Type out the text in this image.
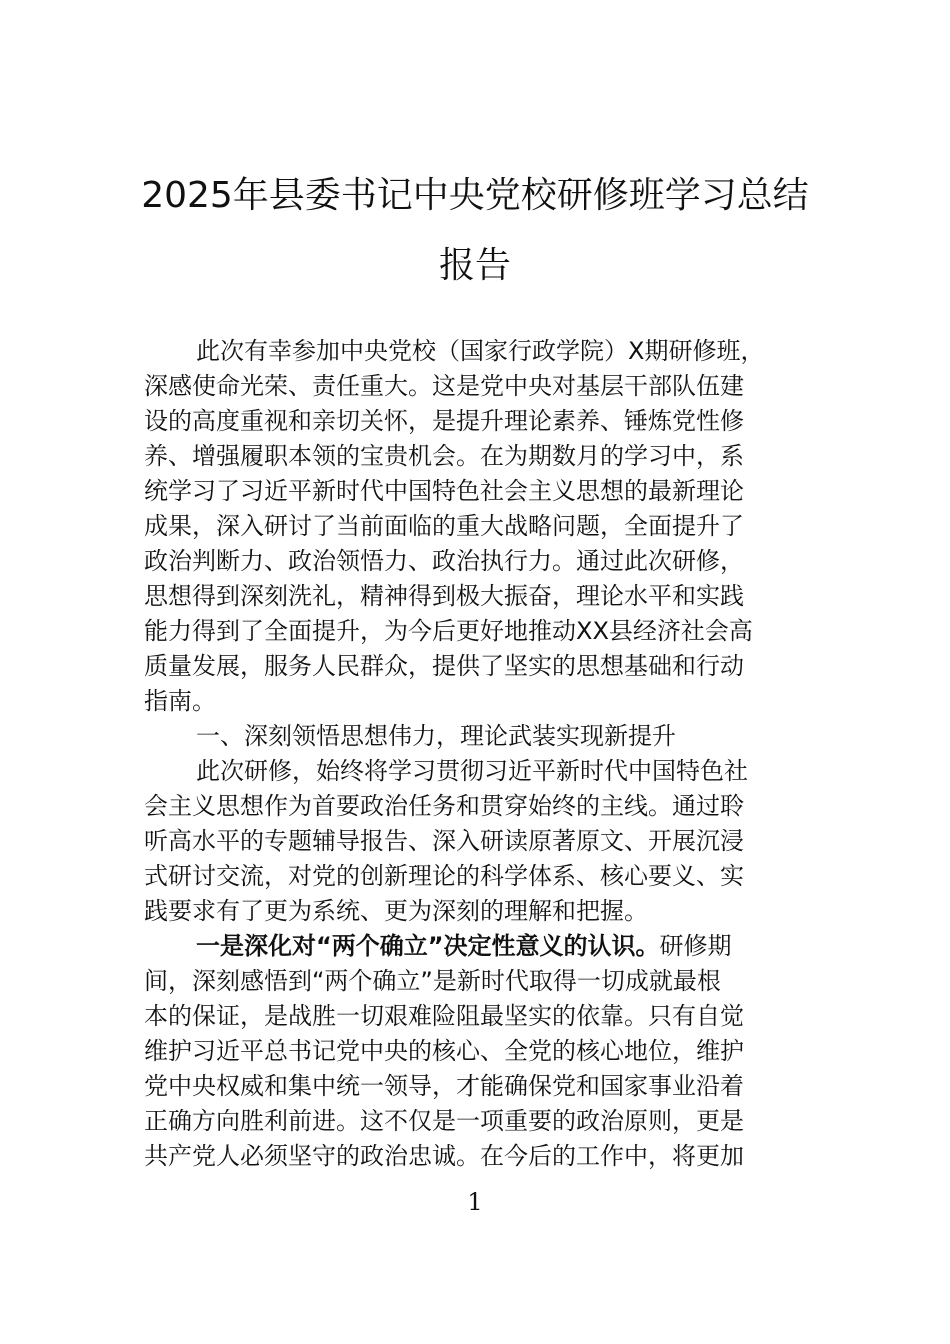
2025年县委书记中央党校研修班学习总结
报告
此次有幸参加中央党校（国家行政学院）X期研修班，
深感使命光荣、责任重大。这是党中央对基层干部队伍建
设的高度重视和亲切关怀，是提升理论素养、锤炼党性修
养、增强履职本领的宝贵机会。在为期数月的学习中，系
统学习了习近平新时代中国特色社会主义思想的最新理论
成果，深入研讨了当前面临的重大战略问题，全面提升了
政治判断力、政治领悟力、政治执行力。通过此次研修，
思想得到深刻洗礼，精神得到极大振奋，理论水平和实践
能力得到了全面提升，为今后更好地推动XX县经济社会高
质量发展，服务人民群众，提供了坚实的思想基础和行动
指南。
一、深刻领悟思想伟力，理论武装实现新提升
此次研修，始终将学习贯彻习近平新时代中国特色社
会主义思想作为首要政治任务和贯穿始终的主线。通过聆
听高水平的专题辅导报告、深入研读原著原文、开展沉浸
式研讨交流，对党的创新理论的科学体系、核心要义、实
践要求有了更为系统、更为深刻的理解和把握。
一是深化对“两个确立”决定性意义的认识。研修期
间，深刻感悟到“两个确立”是新时代取得一切成就最根
本的保证，是战胜一切艰难险阻最坚实的依靠。只有自觉
维护习近平总书记党中央的核心、全党的核心地位，维护
党中央权威和集中统一领导，才能确保党和国家事业沿着
正确方向胜利前进。这不仅是一项重要的政治原则，更是
共产党人必须坚守的政治忠诚。在今后的工作中，将更加
1
